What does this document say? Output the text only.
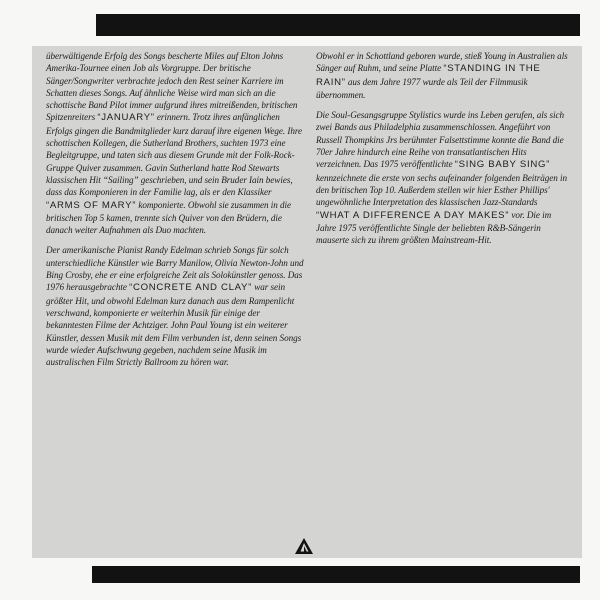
überwältigende Erfolg des Songs bescherte Miles auf Elton Johns Amerika-Tournee einen Job als Vorgruppe. Der britische Sänger/Songwriter verbrachte jedoch den Rest seiner Karriere im Schatten dieses Songs. Auf ähnliche Weise wird man sich an die schottische Band Pilot immer aufgrund ihres mitreißenden, britischen Spitzenreiters “JANUARY” erinnern. Trotz ihres anfänglichen Erfolgs gingen die Bandmitglieder kurz darauf ihre eigenen Wege. Ihre schottischen Kollegen, die Sutherland Brothers, suchten 1973 eine Begleitgruppe, und taten sich aus diesem Grunde mit der Folk-Rock-Gruppe Quiver zusammen. Gavin Sutherland hatte Rod Stewarts klassischen Hit “Sailing” geschrieben, und sein Bruder Iain bewies, dass das Komponieren in der Familie lag, als er den Klassiker “ARMS OF MARY” komponierte. Obwohl sie zusammen in die britischen Top 5 kamen, trennte sich Quiver von den Brüdern, die danach weiter Aufnahmen als Duo machten.

Der amerikanische Pianist Randy Edelman schrieb Songs für solch unterschiedliche Künstler wie Barry Manilow, Olivia Newton-John und Bing Crosby, ehe er eine erfolgreiche Zeit als Solokünstler genoss. Das 1976 herausgebrachte “CONCRETE AND CLAY” war sein größter Hit, und obwohl Edelman kurz danach aus dem Rampenlicht verschwand, komponierte er weiterhin Musik für einige der bekanntesten Filme der Achtziger. John Paul Young ist ein weiterer Künstler, dessen Musik mit dem Film verbunden ist, denn seinen Songs wurde wieder Aufschwung gegeben, nachdem seine Musik im australischen Film Strictly Ballroom zu hören war.

Obwohl er in Schottland geboren wurde, stieß Young in Australien als Sänger auf Ruhm, und seine Platte “STANDING IN THE RAIN” aus dem Jahre 1977 wurde als Teil der Filmmusik übernommen.

Die Soul-Gesangsgruppe Stylistics wurde ins Leben gerufen, als sich zwei Bands aus Philadelphia zusammenschlossen. Angeführt von Russell Thompkins Jrs berühmter Falsettstimme konnte die Band die 70er Jahre hindurch eine Reihe von transatlantischen Hits verzeichnen. Das 1975 veröffentlichte “SING BABY SING” kennzeichnete die erste von sechs aufeinander folgenden Beiträgen in den britischen Top 10. Außerdem stellen wir hier Esther Phillips' ungewöhnliche Interpretation des klassischen Jazz-Standards “WHAT A DIFFERENCE A DAY MAKES” vor. Die im Jahre 1975 veröffentlichte Single der beliebten R&B-Sängerin mauserte sich zu ihrem größten Mainstream-Hit.
